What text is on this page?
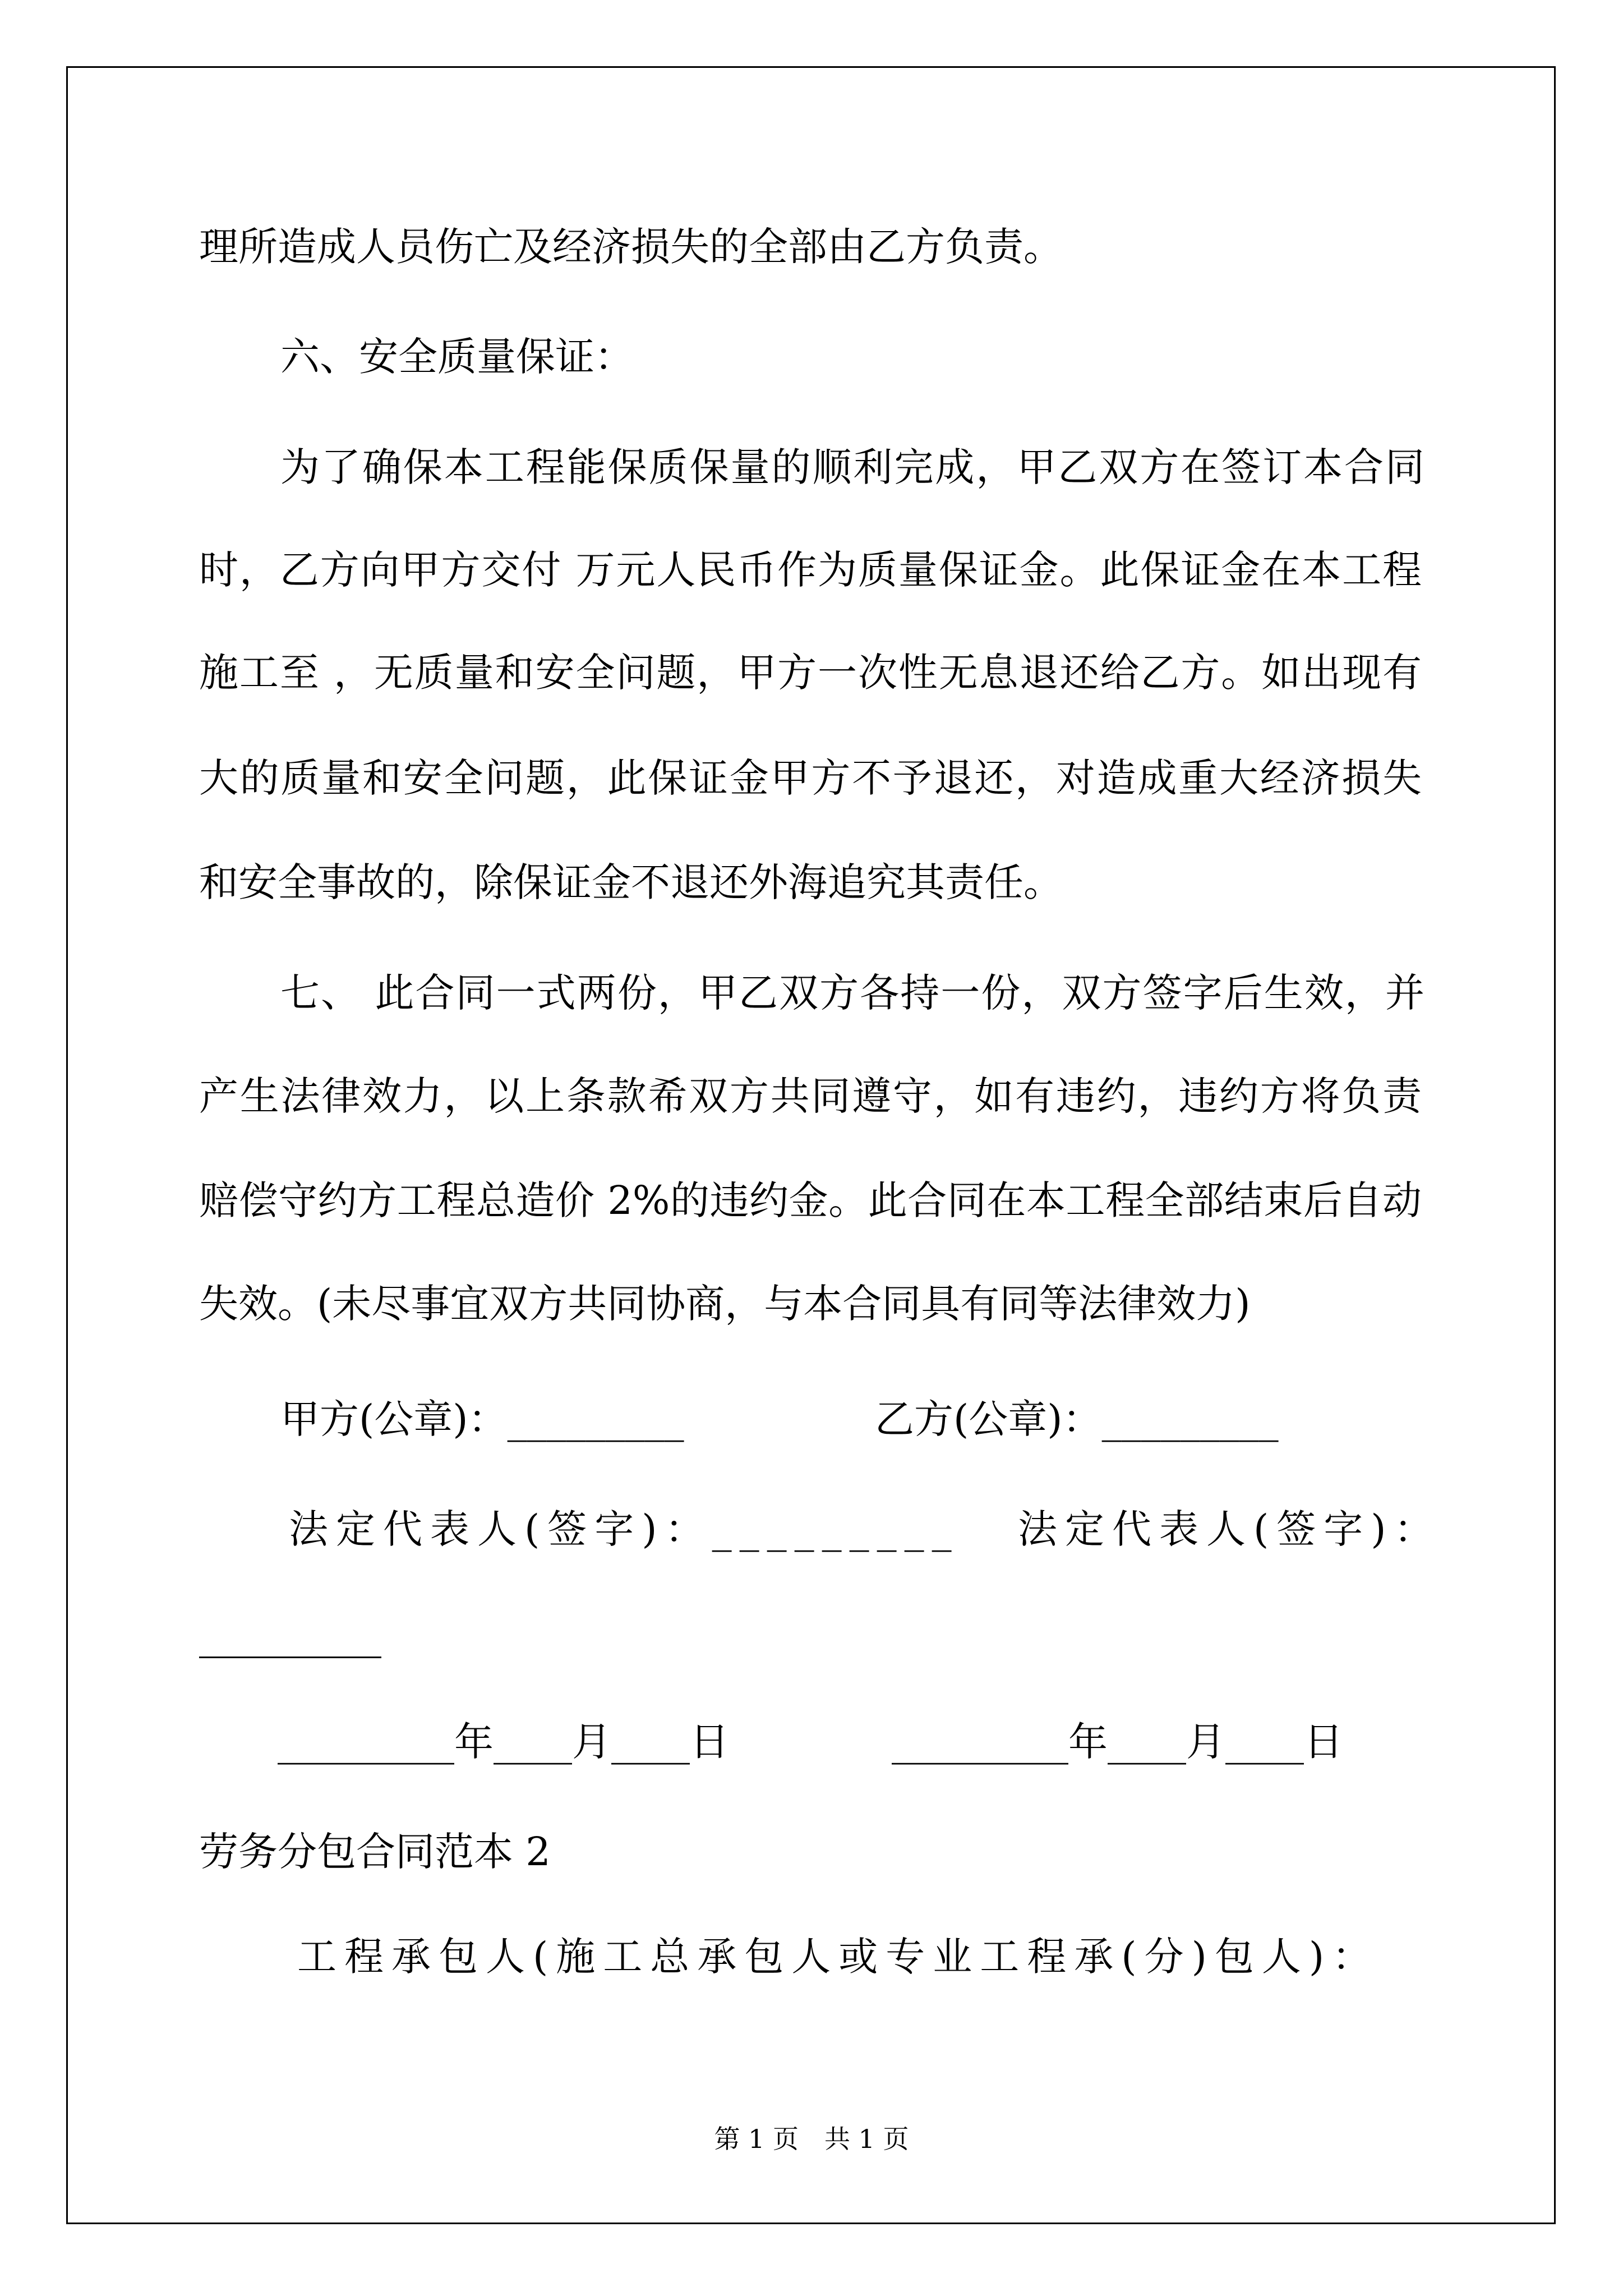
理所造成人员伤亡及经济损失的全部由乙方负责。
六、安全质量保证：
为了确保本工程能保质保量的顺利完成，甲乙双方在签订本合同
时，乙方向甲方交付 万元人民币作为质量保证金。此保证金在本工程
施工至 ，无质量和安全问题，甲方一次性无息退还给乙方。如出现有
大的质量和安全问题，此保证金甲方不予退还，对造成重大经济损失
和安全事故的，除保证金不退还外海追究其责任。
七、 此合同一式两份，甲乙双方各持一份，双方签字后生效，并
产生法律效力，以上条款希双方共同遵守，如有违约，违约方将负责
赔偿守约方工程总造价 2%的违约金。此合同在本工程全部结束后自动
失效。(未尽事宜双方共同协商，与本合同具有同等法律效力)
甲方(公章)：_________	乙方(公章)：_________
法定代表人(签字)：_________ 法定代表人(签字)：
_________年____月____日	_________年____月____日
劳务分包合同范本 2
工程承包人(施工总承包人或专业工程承(分)包人)：
第 1 页　共 1 页
